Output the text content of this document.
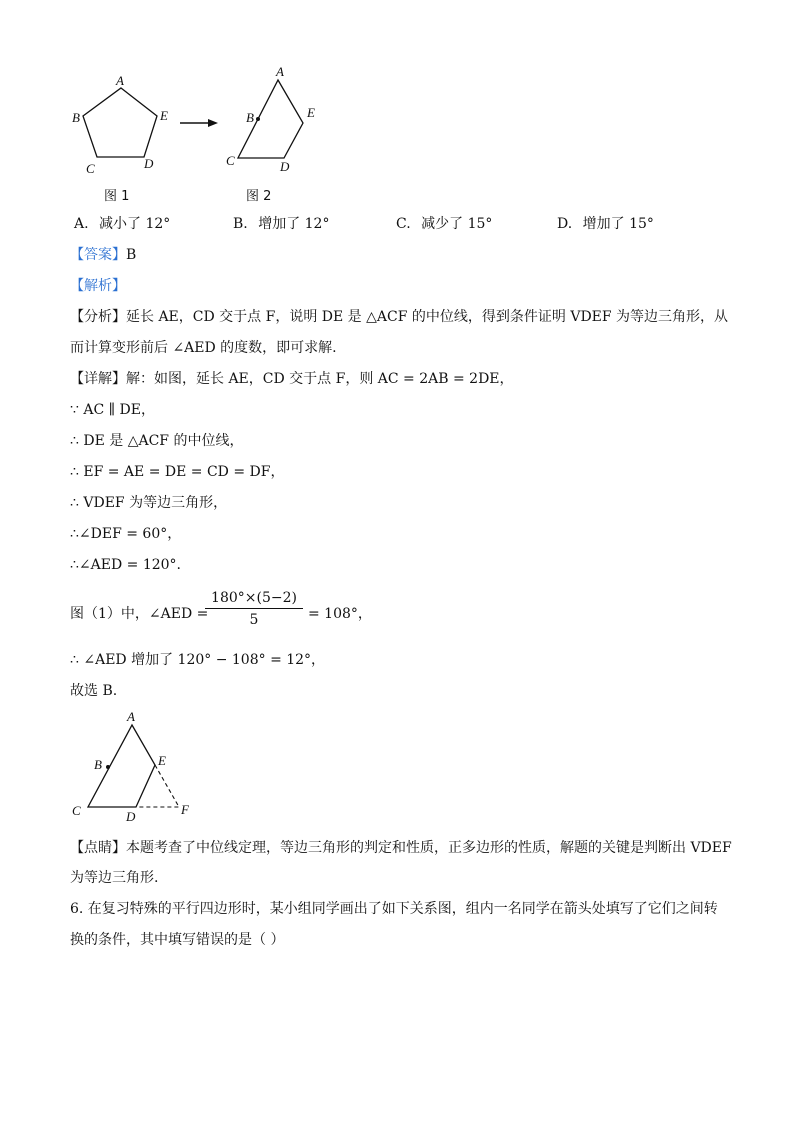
A
B	E
C	D
A
B	E
C	D
图 1	图 2
A. 减小了 12°	B. 增加了 12°	C. 减少了 15°	D. 增加了 15°
【答案】B
【解析】
【分析】延长 AE，CD 交于点 F，说明 DE 是 △ACF 的中位线，得到条件证明 VDEF 为等边三角形，从
而计算变形前后 ∠AED 的度数，即可求解.
【详解】解：如图，延长 AE，CD 交于点 F，则 AC = 2AB = 2DE，
∵ AC ∥ DE，
∴ DE 是 △ACF 的中位线，
∴ EF = AE = DE = CD = DF，
∴ VDEF 为等边三角形，
∴∠DEF = 60°，
∴∠AED = 120°.
图（1）中，∠AED =
$\frac{180^\circ\times(5-2)}{5} = 108^\circ$，
∴ ∠AED 增加了 120° − 108° = 12°，
故选 B.
A
B	E
C	D	F
【点睛】本题考查了中位线定理，等边三角形的判定和性质，正多边形的性质，解题的关键是判断出 VDEF
为等边三角形.
6. 在复习特殊的平行四边形时，某小组同学画出了如下关系图，组内一名同学在箭头处填写了它们之间转
换的条件，其中填写错误的是（ ）
